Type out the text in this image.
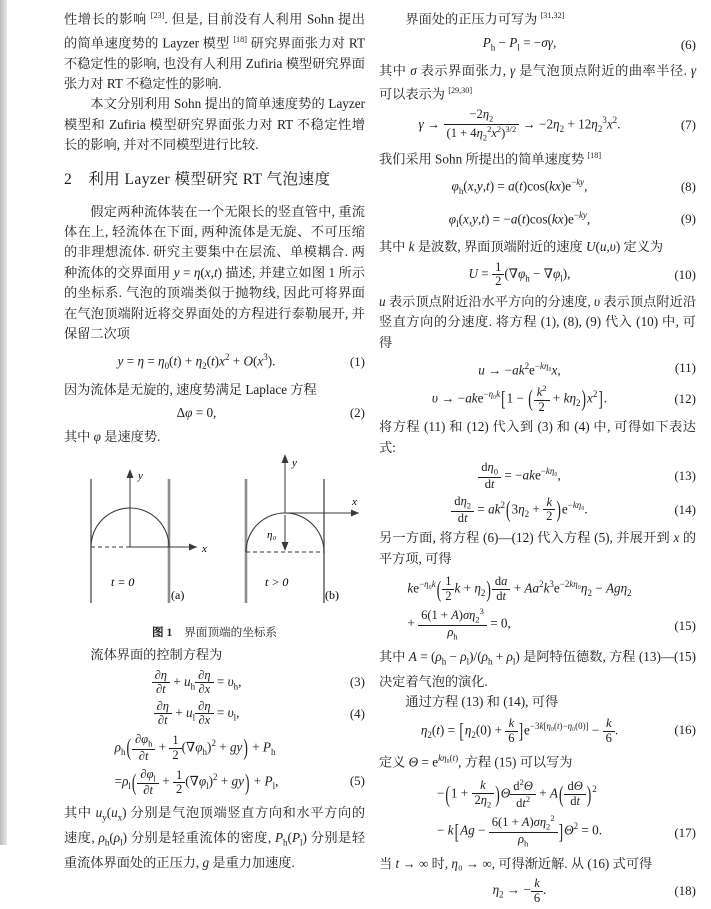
性增长的影响 [23]. 但是, 目前没有人利用 Sohn 提出的简单速度势的 Layzer 模型 [18] 研究界面张力对 RT 不稳定性的影响, 也没有人利用 Zufiria 模型研究界面张力对 RT 不稳定性的影响.

本文分别利用 Sohn 提出的简单速度势的 Layzer 模型和 Zufiria 模型研究界面张力对 RT 不稳定性增长的影响, 并对不同模型进行比较.

2　利用 Layzer 模型研究 RT 气泡速度

假定两种流体装在一个无限长的竖直管中, 重流体在上, 轻流体在下面, 两种流体是无旋、不可压缩的非理想流体. 研究主要集中在层流、单模耦合. 两种流体的交界面用 y = η(x,t) 描述, 并建立如图 1 所示的坐标系. 气泡的顶端类似于抛物线, 因此可将界面在气泡顶端附近将交界面处的方程进行泰勒展开, 并保留二次项

$y = \eta = \eta_0(t) + \eta_2(t)x^2 + O(x^3)$.	(1)

因为流体是无旋的, 速度势满足 Laplace 方程

Δφ = 0,	(2)

其中 φ 是速度势.

y
x
t = 0
(a)
y
x
η₀
t > 0
(b)
图 1 界面顶端的坐标系

流体界面的控制方程为

$\frac{\partial\eta}{\partial t} + u_h \frac{\partial\eta}{\partial x} = \upsilon_h$,	(3)
$\frac{\partial\eta}{\partial t} + u_l \frac{\partial\eta}{\partial x} = \upsilon_l$,	(4)
$\rho_h( \frac{\partial\varphi_h}{\partial t} + \frac{1}{2} (\nabla\varphi_h)^2 + gy) + P_h$
$=\rho_l( \frac{\partial\varphi_l}{\partial t} + \frac{1}{2} (\nabla\varphi_l)^2 + gy) + P_l$,	(5)

其中 $u_y(u_x)$ 分别是气泡顶端竖直方向和水平方向的速度, $\rho_h(\rho_l)$ 分别是轻重流体的密度, $P_h(P_l)$ 分别是轻重流体界面处的正压力, g 是重力加速度.

界面处的正压力可写为 [31,32]

$P_h - P_l = -\sigma\gamma$,	(6)

其中 σ 表示界面张力, γ 是气泡顶点附近的曲率半径. γ 可以表示为 [29,30]

$\gamma \to \frac{-2\eta_2}{(1 + 4\eta_2^2x^2)^{3/2}} \to -2\eta_2 + 12\eta_2^3x^2$.	(7)

我们采用 Sohn 所提出的简单速度势 [18]

$\varphi_h(x,y,t) = a(t)\cos(kx)e^{-ky}$,	(8)
$\varphi_l(x,y,t) = -a(t)\cos(kx)e^{-ky}$,	(9)

其中 k 是波数, 界面顶端附近的速度 U(u,υ) 定义为

$U = \frac{1}{2} (\nabla\varphi_h - \nabla\varphi_l)$,	(10)

u 表示顶点附近沿水平方向的分速度, υ 表示顶点附近沿竖直方向的分速度. 将方程 (1), (8), (9) 代入 (10) 中, 可得

$u \to -ak^2e^{-k\eta_0}x$,	(11)
υ → −ake$^{-\eta_0k}$[1 − ( $\frac{k^2}{2} + k\eta_2)x^2$].	(12)

将方程 (11) 和 (12) 代入到 (3) 和 (4) 中, 可得如下表达式:

$\frac{d\eta_0}{dt} = -ake^{-k\eta_0}$,	(13)
$\frac{d\eta_2}{dt} = ak^2(3\eta_2 + \frac{k}{2} )e^{-k\eta_0}$.	(14)

另一方面, 将方程 (6)—(12) 代入方程 (5), 并展开到 x 的平方项, 可得

$ke^{-\eta_0k}( \frac{1}{2}$ $k + \eta_2) \frac{da}{dt} + Aa^2k^3e^{-2k\eta_0}\eta_2 - Ag\eta_2$
+ $\frac{6(1 + A)\sigma\eta_2^3}{\rho_h} = 0$,	(15)

其中 $A = (\rho_h - \rho_l)/(\rho_h + \rho_l)$ 是阿特伍德数, 方程 (13)—(15) 决定着气泡的演化.

通过方程 (13) 和 (14), 可得

$\eta_2(t) = [\eta_2(0) + \frac{k}{6} ]e^{-3k[\eta_0(t)-\eta_0(0)]} - \frac{k}{6}$ .	(16)

定义 $\Theta = e^{k\eta_0(t)}$, 方程 (15) 可以写为

$-(1 + \frac{k}{2\eta_2} )\Theta \frac{d^2\Theta}{dt^2} + A( \frac{d\Theta}{dt} )^2$
− $k[Ag - \frac{6(1 + A)\sigma\eta_2^2}{\rho_h} ]\Theta^2 = 0$.	(17)

当 t → ∞ 时, η₀ → ∞, 可得渐近解. 从 (16) 式可得

$\eta_2$ → − $\frac{k}{6}$ .	(18)
